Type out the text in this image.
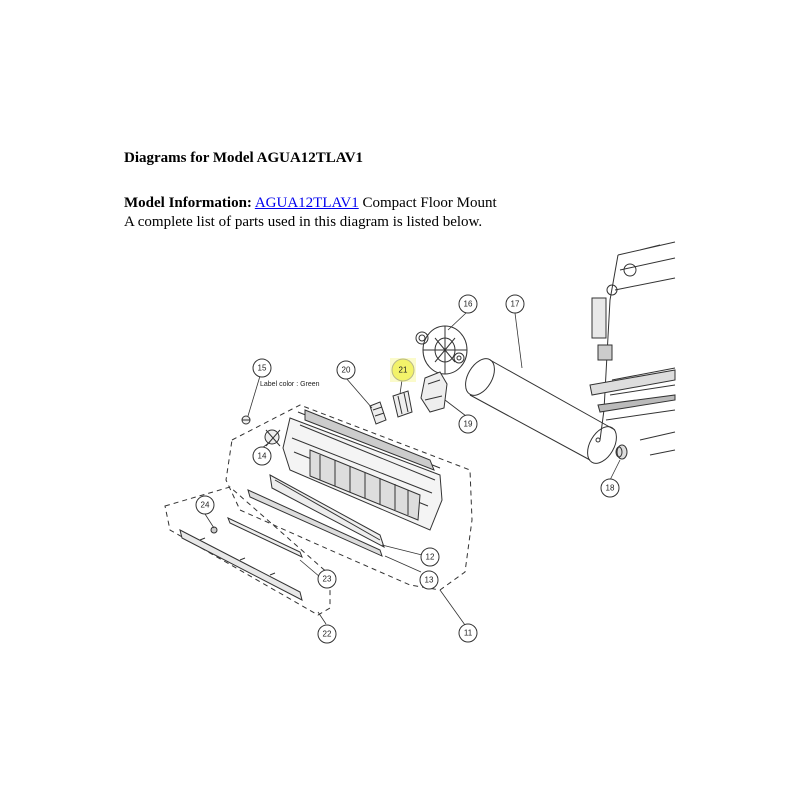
Diagrams for Model AGUA12TLAV1
Model Information: AGUA12TLAV1 Compact Floor Mount
A complete list of parts used in this diagram is listed below.
16	17
18
19
20	21
15
14
12
13
11
23
22
24
Label color : Green
